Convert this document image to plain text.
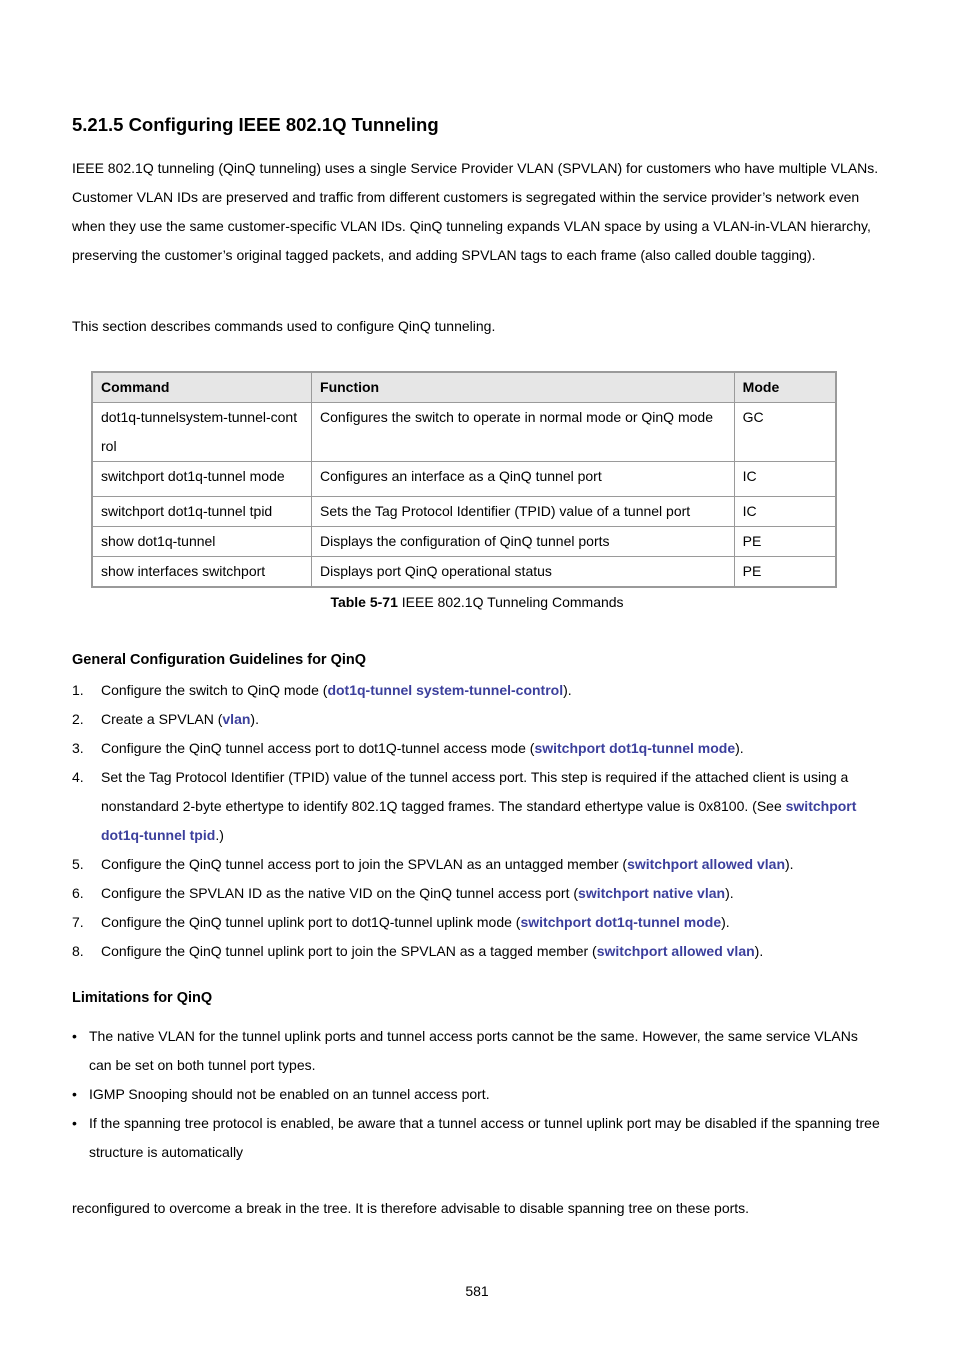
5.21.5 Configuring IEEE 802.1Q Tunneling
IEEE 802.1Q tunneling (QinQ tunneling) uses a single Service Provider VLAN (SPVLAN) for customers who have multiple VLANs. Customer VLAN IDs are preserved and traffic from different customers is segregated within the service provider’s network even when they use the same customer-specific VLAN IDs. QinQ tunneling expands VLAN space by using a VLAN-in-VLAN hierarchy, preserving the customer’s original tagged packets, and adding SPVLAN tags to each frame (also called double tagging).
This section describes commands used to configure QinQ tunneling.
Command	Function	Mode
dot1q-tunnelsystem-tunnel-cont rol	Configures the switch to operate in normal mode or QinQ mode	GC
switchport dot1q-tunnel mode	Configures an interface as a QinQ tunnel port	IC
switchport dot1q-tunnel tpid	Sets the Tag Protocol Identifier (TPID) value of a tunnel port	IC
show dot1q-tunnel	Displays the configuration of QinQ tunnel ports	PE
show interfaces switchport	Displays port QinQ operational status	PE
Table 5-71 IEEE 802.1Q Tunneling Commands
General Configuration Guidelines for QinQ
1. Configure the switch to QinQ mode (dot1q-tunnel system-tunnel-control).
2. Create a SPVLAN (vlan).
3. Configure the QinQ tunnel access port to dot1Q-tunnel access mode (switchport dot1q-tunnel mode).
4. Set the Tag Protocol Identifier (TPID) value of the tunnel access port. This step is required if the attached client is using a nonstandard 2-byte ethertype to identify 802.1Q tagged frames. The standard ethertype value is 0x8100. (See switchport dot1q-tunnel tpid.)
5. Configure the QinQ tunnel access port to join the SPVLAN as an untagged member (switchport allowed vlan).
6. Configure the SPVLAN ID as the native VID on the QinQ tunnel access port (switchport native vlan).
7. Configure the QinQ tunnel uplink port to dot1Q-tunnel uplink mode (switchport dot1q-tunnel mode).
8. Configure the QinQ tunnel uplink port to join the SPVLAN as a tagged member (switchport allowed vlan).
Limitations for QinQ
• The native VLAN for the tunnel uplink ports and tunnel access ports cannot be the same. However, the same service VLANs can be set on both tunnel port types.
• IGMP Snooping should not be enabled on an tunnel access port.
• If the spanning tree protocol is enabled, be aware that a tunnel access or tunnel uplink port may be disabled if the spanning tree structure is automatically
reconfigured to overcome a break in the tree. It is therefore advisable to disable spanning tree on these ports.
581
